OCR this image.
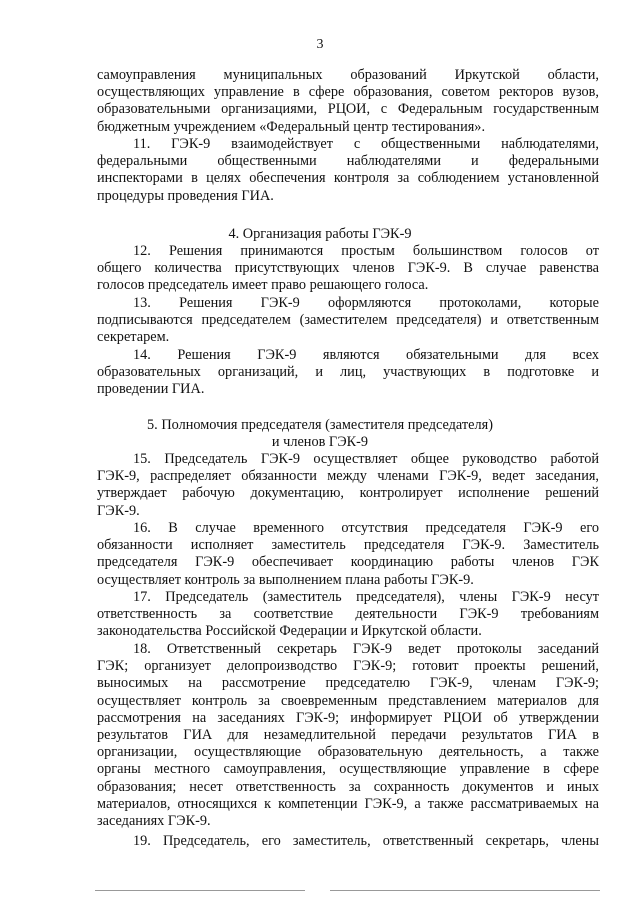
3

самоуправления муниципальных образований Иркутской области,
осуществляющих управление в сфере образования, советом ректоров вузов,
образовательными организациями, РЦОИ, с Федеральным государственным
бюджетным учреждением «Федеральный центр тестирования».

11. ГЭК-9 взаимодействует с общественными наблюдателями,
федеральными общественными наблюдателями и федеральными
инспекторами в целях обеспечения контроля за соблюдением установленной
процедуры проведения ГИА.

4. Организация работы ГЭК-9

12. Решения принимаются простым большинством голосов от
общего количества присутствующих членов ГЭК-9. В случае равенства
голосов председатель имеет право решающего голоса.

13. Решения ГЭК-9 оформляются протоколами, которые
подписываются председателем (заместителем председателя) и ответственным
секретарем.

14. Решения ГЭК-9 являются обязательными для всех
образовательных организаций, и лиц, участвующих в подготовке и
проведении ГИА.

5. Полномочия председателя (заместителя председателя)
и членов ГЭК-9

15. Председатель ГЭК-9 осуществляет общее руководство работой
ГЭК-9, распределяет обязанности между членами ГЭК-9, ведет заседания,
утверждает рабочую документацию, контролирует исполнение решений
ГЭК-9.

16. В случае временного отсутствия председателя ГЭК-9 его
обязанности исполняет заместитель председателя ГЭК-9. Заместитель
председателя ГЭК-9 обеспечивает координацию работы членов ГЭК
осуществляет контроль за выполнением плана работы ГЭК-9.

17. Председатель (заместитель председателя), члены ГЭК-9 несут
ответственность за соответствие деятельности ГЭК-9 требованиям
законодательства Российской Федерации и Иркутской области.

18. Ответственный секретарь ГЭК-9 ведет протоколы заседаний
ГЭК; организует делопроизводство ГЭК-9; готовит проекты решений,
выносимых на рассмотрение председателю ГЭК-9, членам ГЭК-9;
осуществляет контроль за своевременным представлением материалов для
рассмотрения на заседаниях ГЭК-9; информирует РЦОИ об утверждении
результатов ГИА для незамедлительной передачи результатов ГИА в
организации, осуществляющие образовательную деятельность, а также
органы местного самоуправления, осуществляющие управление в сфере
образования; несет ответственность за сохранность документов и иных
материалов, относящихся к компетенции ГЭК-9, а также рассматриваемых на
заседаниях ГЭК-9.

19. Председатель, его заместитель, ответственный секретарь, члены
